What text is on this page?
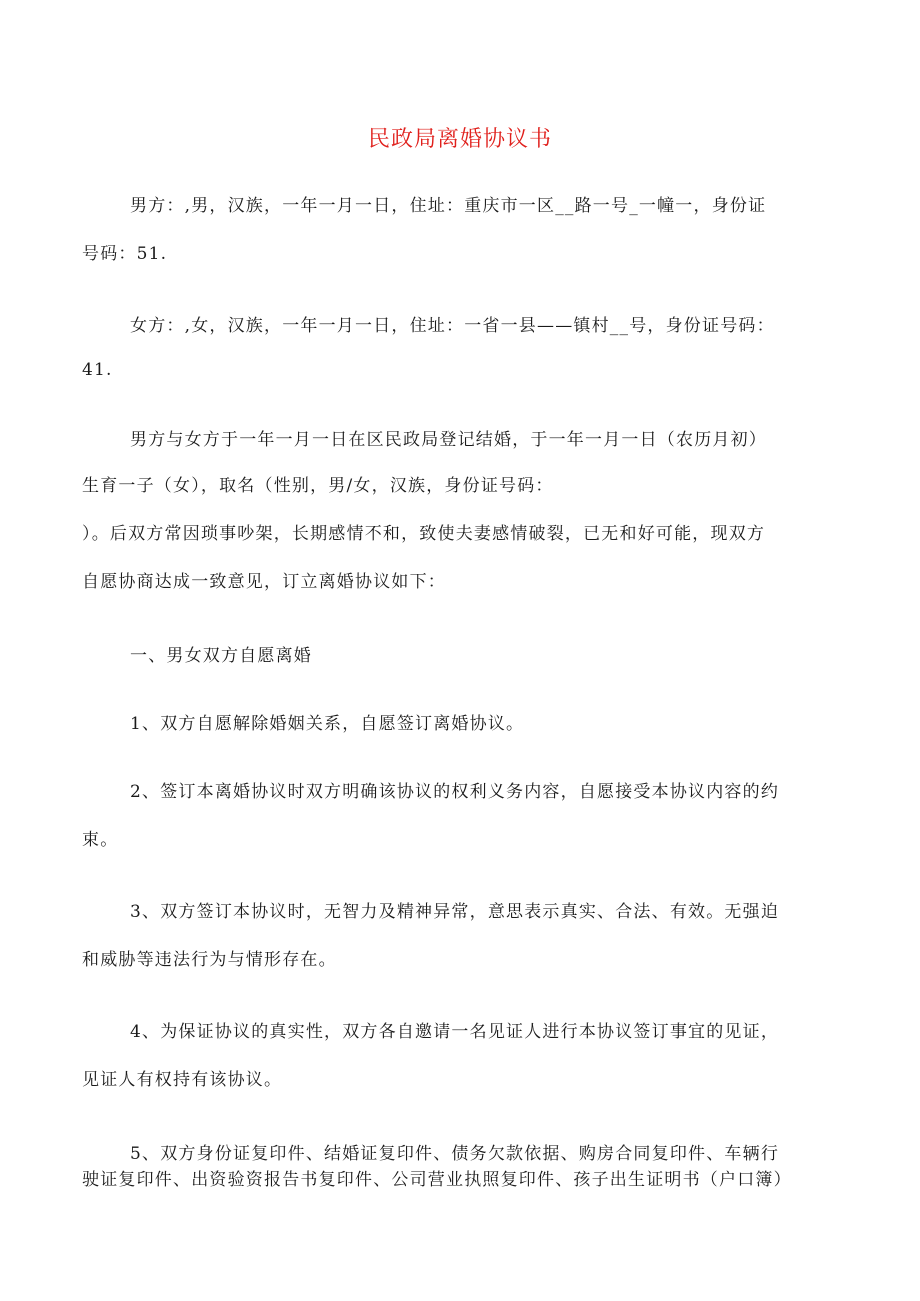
民政局离婚协议书
男方：,男，汉族，一年一月一日，住址：重庆市一区__路一号_一幢一，身份证
号码：51.
女方：,女，汉族，一年一月一日，住址：一省一县——镇村__号，身份证号码：
41.
男方与女方于一年一月一日在区民政局登记结婚，于一年一月一日（农历月初）
生育一子（女），取名（性别，男/女，汉族，身份证号码：
）。后双方常因琐事吵架，长期感情不和，致使夫妻感情破裂，已无和好可能，现双方
自愿协商达成一致意见，订立离婚协议如下：
一、男女双方自愿离婚
1、双方自愿解除婚姻关系，自愿签订离婚协议。
2、签订本离婚协议时双方明确该协议的权利义务内容，自愿接受本协议内容的约
束。
3、双方签订本协议时，无智力及精神异常，意思表示真实、合法、有效。无强迫
和威胁等违法行为与情形存在。
4、为保证协议的真实性，双方各自邀请一名见证人进行本协议签订事宜的见证，
见证人有权持有该协议。
5、双方身份证复印件、结婚证复印件、债务欠款依据、购房合同复印件、车辆行
驶证复印件、出资验资报告书复印件、公司营业执照复印件、孩子出生证明书（户口簿）
